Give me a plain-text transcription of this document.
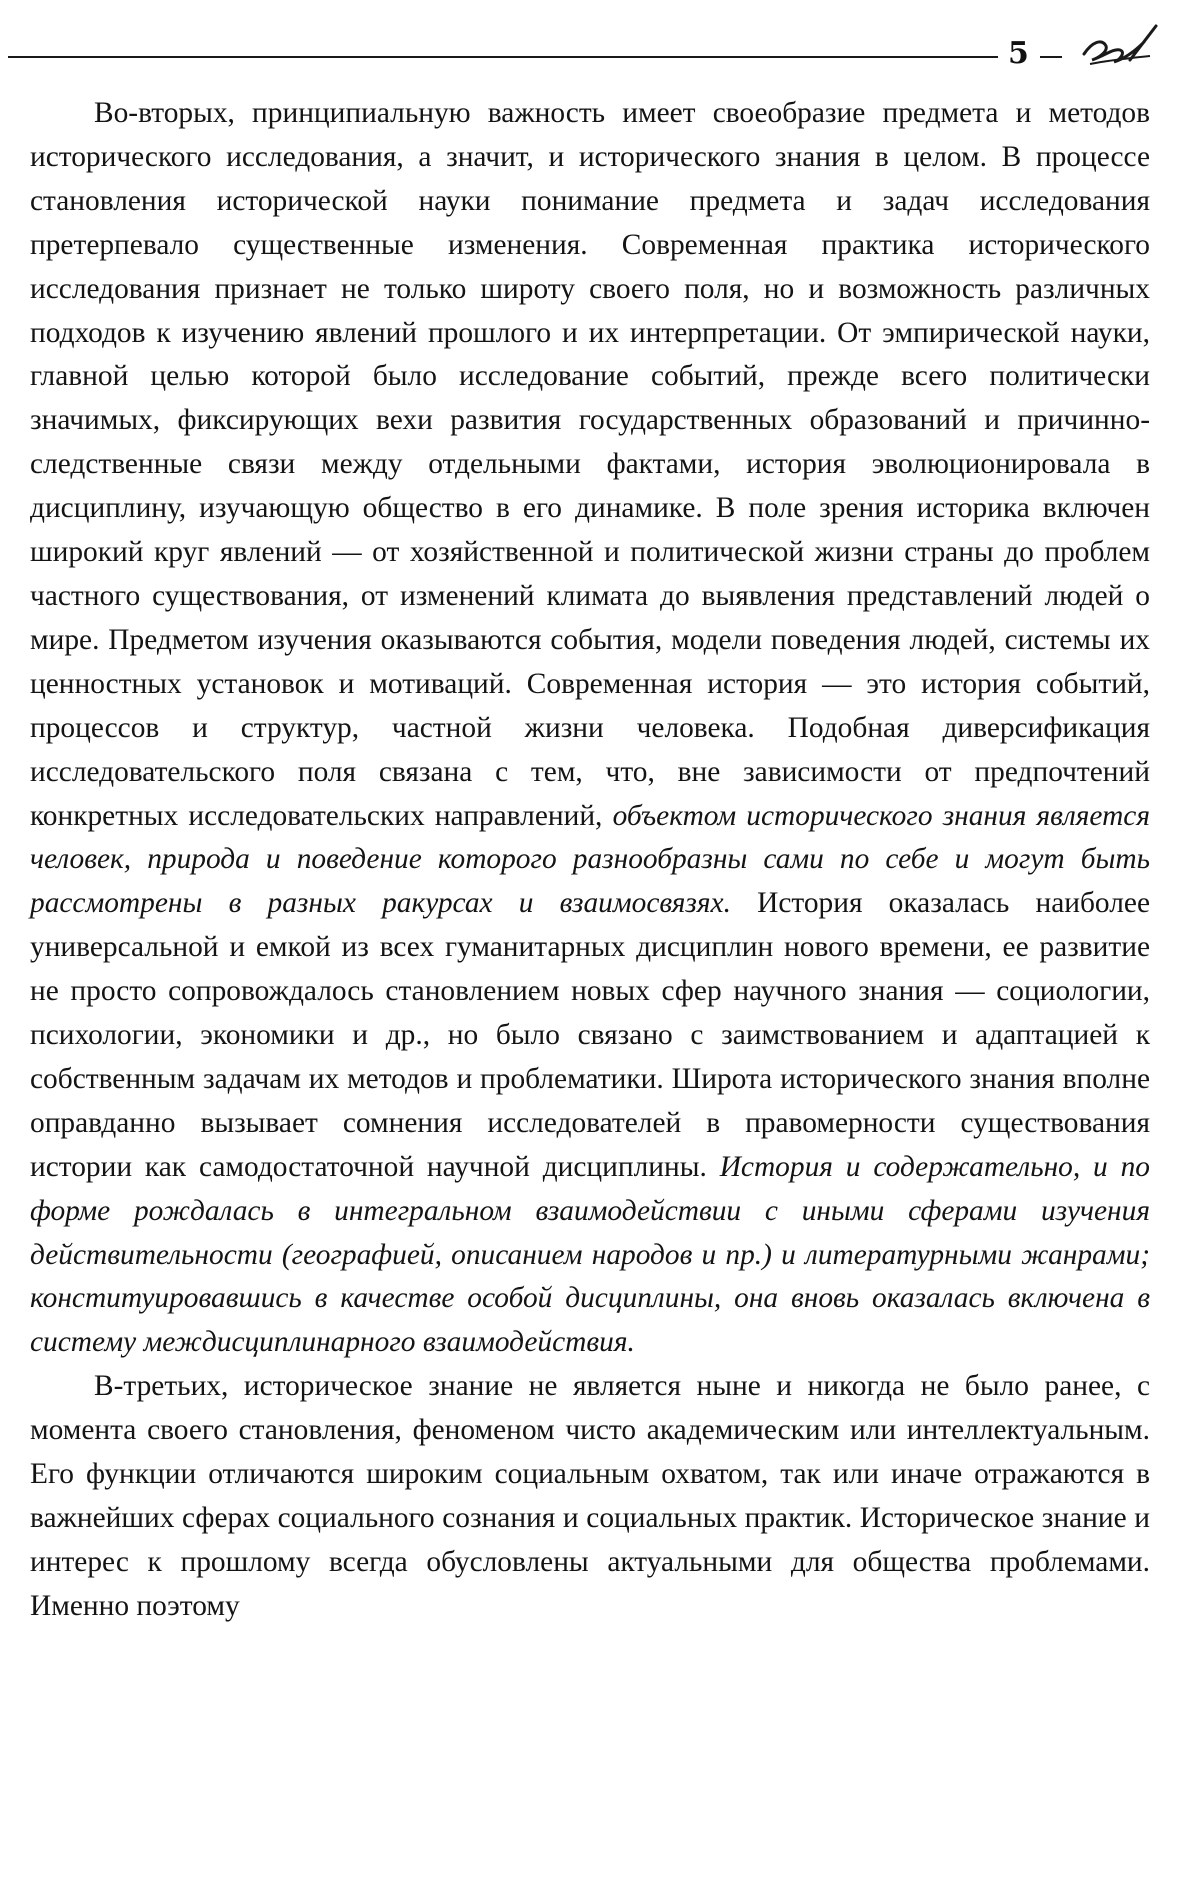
5

Во-вторых, принципиальную важность имеет своеобразие предмета и методов исторического исследования, а значит, и исторического знания в целом. В процессе становления исторической науки понимание предмета и задач исследования претерпевало существенные изменения. Современная практика исторического исследования признает не только широту своего поля, но и возможность различных подходов к изучению явлений прошлого и их интерпретации. От эмпирической науки, главной целью которой было исследование событий, прежде всего политически значимых, фиксирующих вехи развития государственных образований и причинно-следственные связи между отдельными фактами, история эволюционировала в дисциплину, изучающую общество в его динамике. В поле зрения историка включен широкий круг явлений — от хозяйственной и политической жизни страны до проблем частного существования, от изменений климата до выявления представлений людей о мире. Предметом изучения оказываются события, модели поведения людей, системы их ценностных установок и мотиваций. Современная история — это история событий, процессов и структур, частной жизни человека. Подобная диверсификация исследовательского поля связана с тем, что, вне зависимости от предпочтений конкретных исследовательских направлений, объектом исторического знания является человек, природа и поведение которого разнообразны сами по себе и могут быть рассмотрены в разных ракурсах и взаимосвязях. История оказалась наиболее универсальной и емкой из всех гуманитарных дисциплин нового времени, ее развитие не просто сопровождалось становлением новых сфер научного знания — социологии, психологии, экономики и др., но было связано с заимствованием и адаптацией к собственным задачам их методов и проблематики. Широта исторического знания вполне оправданно вызывает сомнения исследователей в правомерности существования истории как самодостаточной научной дисциплины. История и содержательно, и по форме рождалась в интегральном взаимодействии с иными сферами изучения действительности (географией, описанием народов и пр.) и литературными жанрами; конституировавшись в качестве особой дисциплины, она вновь оказалась включена в систему междисциплинарного взаимодействия.

В-третьих, историческое знание не является ныне и никогда не было ранее, с момента своего становления, феноменом чисто академическим или интеллектуальным. Его функции отличаются широким социальным охватом, так или иначе отражаются в важнейших сферах социального сознания и социальных практик. Историческое знание и интерес к прошлому всегда обусловлены актуальными для общества проблемами. Именно поэтому
